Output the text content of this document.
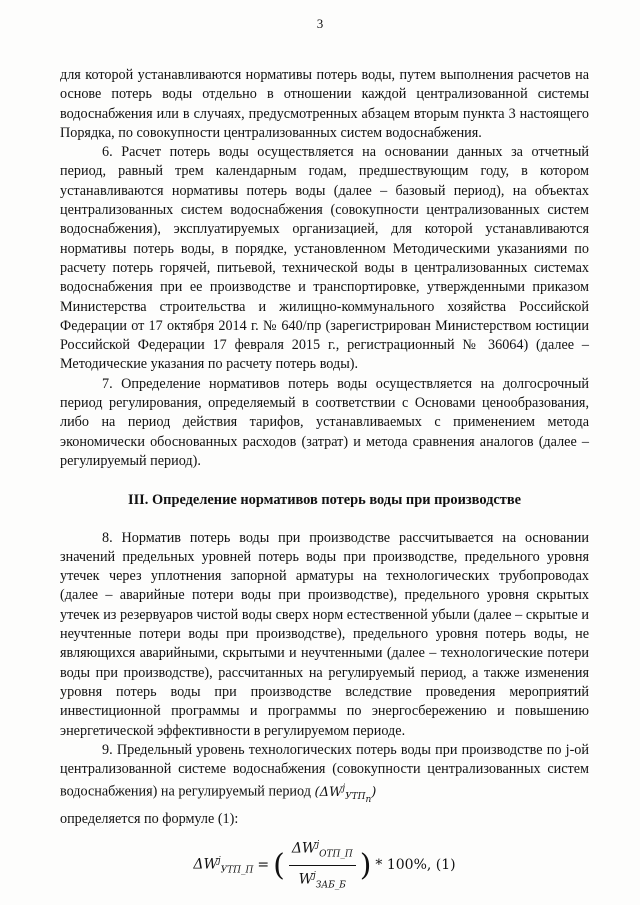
3

для которой устанавливаются нормативы потерь воды, путем выполнения расчетов на основе потерь воды отдельно в отношении каждой централизованной системы водоснабжения или в случаях, предусмотренных абзацем вторым пункта 3 настоящего Порядка, по совокупности централизованных систем водоснабжения.

6. Расчет потерь воды осуществляется на основании данных за отчетный период, равный трем календарным годам, предшествующим году, в котором устанавливаются нормативы потерь воды (далее – базовый период), на объектах централизованных систем водоснабжения (совокупности централизованных систем водоснабжения), эксплуатируемых организацией, для которой устанавливаются нормативы потерь воды, в порядке, установленном Методическими указаниями по расчету потерь горячей, питьевой, технической воды в централизованных системах водоснабжения при ее производстве и транспортировке, утвержденными приказом Министерства строительства и жилищно-коммунального хозяйства Российской Федерации от 17 октября 2014 г. № 640/пр (зарегистрирован Министерством юстиции Российской Федерации 17 февраля 2015 г., регистрационный № 36064) (далее – Методические указания по расчету потерь воды).

7. Определение нормативов потерь воды осуществляется на долгосрочный период регулирования, определяемый в соответствии с Основами ценообразования, либо на период действия тарифов, устанавливаемых с применением метода экономически обоснованных расходов (затрат) и метода сравнения аналогов (далее – регулируемый период).

III. Определение нормативов потерь воды при производстве

8. Норматив потерь воды при производстве рассчитывается на основании значений предельных уровней потерь воды при производстве, предельного уровня утечек через уплотнения запорной арматуры на технологических трубопроводах (далее – аварийные потери воды при производстве), предельного уровня скрытых утечек из резервуаров чистой воды сверх норм естественной убыли (далее – скрытые и неучтенные потери воды при производстве), предельного уровня потерь воды, не являющихся аварийными, скрытыми и неучтенными (далее – технологические потери воды при производстве), рассчитанных на регулируемый период, а также изменения уровня потерь воды при производстве вследствие проведения мероприятий инвестиционной программы и программы по энергосбережению и повышению энергетической эффективности в регулируемом периоде.

9. Предельный уровень технологических потерь воды при производстве по j-ой централизованной системе водоснабжения (совокупности централизованных систем водоснабжения) на регулируемый период $(\Delta W^j_{УТП_п})$

определяется по формуле (1):

$\Delta W^j_{УТП\_П}$ = ( $\frac{\Delta W^j_{ОТП\_П}}{W^j_{ЗАБ\_Б}}$ ) * 100%, (1)
